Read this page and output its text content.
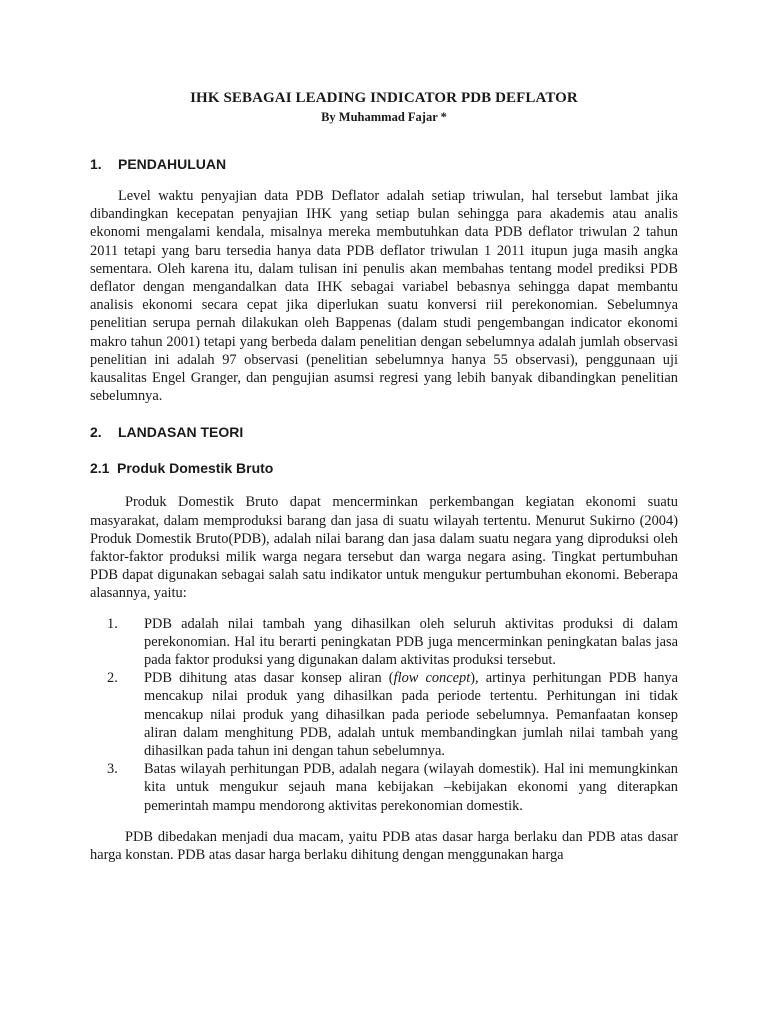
IHK SEBAGAI LEADING INDICATOR PDB DEFLATOR
By Muhammad Fajar *
1.	PENDAHULUAN

Level waktu penyajian data PDB Deflator adalah setiap triwulan, hal tersebut lambat jika dibandingkan kecepatan penyajian IHK yang setiap bulan sehingga para akademis atau analis ekonomi mengalami kendala, misalnya mereka membutuhkan data PDB deflator triwulan 2 tahun 2011 tetapi yang baru tersedia hanya data PDB deflator triwulan 1 2011 itupun juga masih angka sementara. Oleh karena itu, dalam tulisan ini penulis akan membahas tentang model prediksi PDB deflator dengan mengandalkan data IHK sebagai variabel bebasnya sehingga dapat membantu analisis ekonomi secara cepat jika diperlukan suatu konversi riil perekonomian. Sebelumnya penelitian serupa pernah dilakukan oleh Bappenas (dalam studi pengembangan indicator ekonomi makro tahun 2001) tetapi yang berbeda dalam penelitian dengan sebelumnya adalah jumlah observasi penelitian ini adalah 97 observasi (penelitian sebelumnya hanya 55 observasi), penggunaan uji kausalitas Engel Granger, dan pengujian asumsi regresi yang lebih banyak dibandingkan penelitian sebelumnya.

2.	LANDASAN TEORI
2.1 Produk Domestik Bruto

Produk Domestik Bruto dapat mencerminkan perkembangan kegiatan ekonomi suatu masyarakat, dalam memproduksi barang dan jasa di suatu wilayah tertentu. Menurut Sukirno (2004) Produk Domestik Bruto(PDB), adalah nilai barang dan jasa dalam suatu negara yang diproduksi oleh faktor-faktor produksi milik warga negara tersebut dan warga negara asing. Tingkat pertumbuhan PDB dapat digunakan sebagai salah satu indikator untuk mengukur pertumbuhan ekonomi. Beberapa alasannya, yaitu:

1.	PDB adalah nilai tambah yang dihasilkan oleh seluruh aktivitas produksi di dalam perekonomian. Hal itu berarti peningkatan PDB juga mencerminkan peningkatan balas jasa pada faktor produksi yang digunakan dalam aktivitas produksi tersebut.
2.	PDB dihitung atas dasar konsep aliran (flow concept), artinya perhitungan PDB hanya mencakup nilai produk yang dihasilkan pada periode tertentu. Perhitungan ini tidak mencakup nilai produk yang dihasilkan pada periode sebelumnya. Pemanfaatan konsep aliran dalam menghitung PDB, adalah untuk membandingkan jumlah nilai tambah yang dihasilkan pada tahun ini dengan tahun sebelumnya.
3.	Batas wilayah perhitungan PDB, adalah negara (wilayah domestik). Hal ini memungkinkan kita untuk mengukur sejauh mana kebijakan –kebijakan ekonomi yang diterapkan pemerintah mampu mendorong aktivitas perekonomian domestik.

PDB dibedakan menjadi dua macam, yaitu PDB atas dasar harga berlaku dan PDB atas dasar harga konstan. PDB atas dasar harga berlaku dihitung dengan menggunakan harga
